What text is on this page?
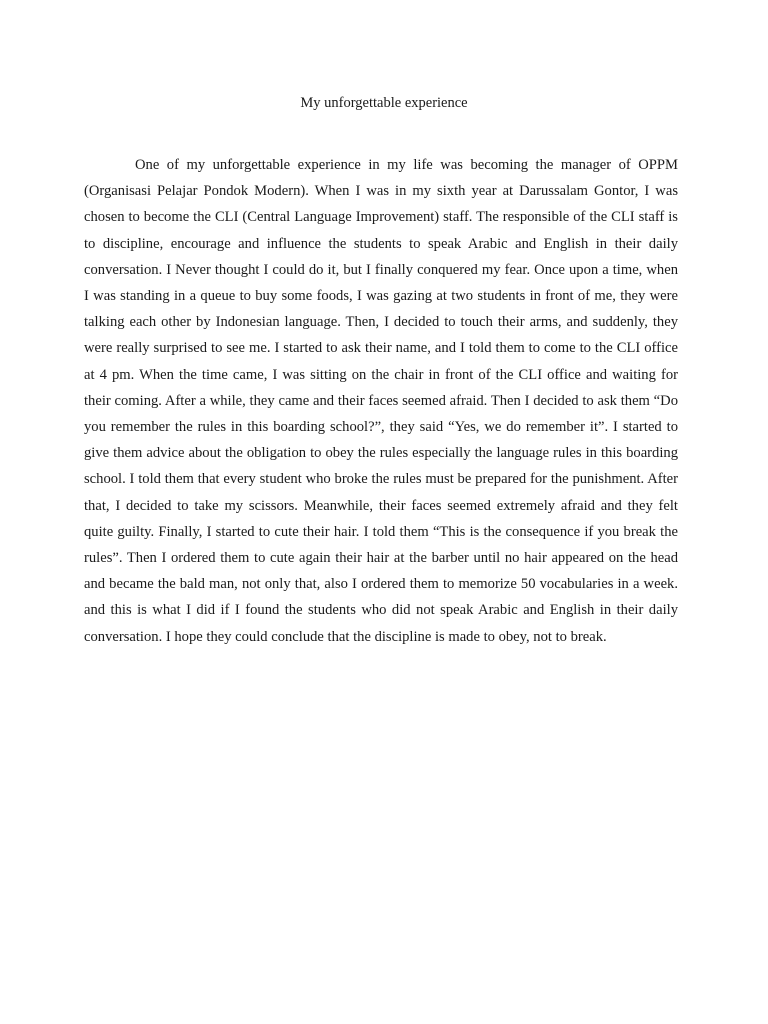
My unforgettable experience

One of my unforgettable experience in my life was becoming the manager of OPPM (Organisasi Pelajar Pondok Modern). When I was in my sixth year at Darussalam Gontor, I was chosen to become the CLI (Central Language Improvement) staff. The responsible of the CLI staff is to discipline, encourage and influence the students to speak Arabic and English in their daily conversation. I Never thought I could do it, but I finally conquered my fear. Once upon a time, when I was standing in a queue to buy some foods, I was gazing at two students in front of me, they were talking each other by Indonesian language. Then, I decided to touch their arms, and suddenly, they were really surprised to see me. I started to ask their name, and I told them to come to the CLI office at 4 pm. When the time came, I was sitting on the chair in front of the CLI office and waiting for their coming. After a while, they came and their faces seemed afraid. Then I decided to ask them “Do you remember the rules in this boarding school?”, they said “Yes, we do remember it”. I started to give them advice about the obligation to obey the rules especially the language rules in this boarding school. I told them that every student who broke the rules must be prepared for the punishment. After that, I decided to take my scissors. Meanwhile, their faces seemed extremely afraid and they felt quite guilty. Finally, I started to cute their hair. I told them “This is the consequence if you break the rules”. Then I ordered them to cute again their hair at the barber until no hair appeared on the head and became the bald man, not only that, also I ordered them to memorize 50 vocabularies in a week. and this is what I did if I found the students who did not speak Arabic and English in their daily conversation. I hope they could conclude that the discipline is made to obey, not to break.
